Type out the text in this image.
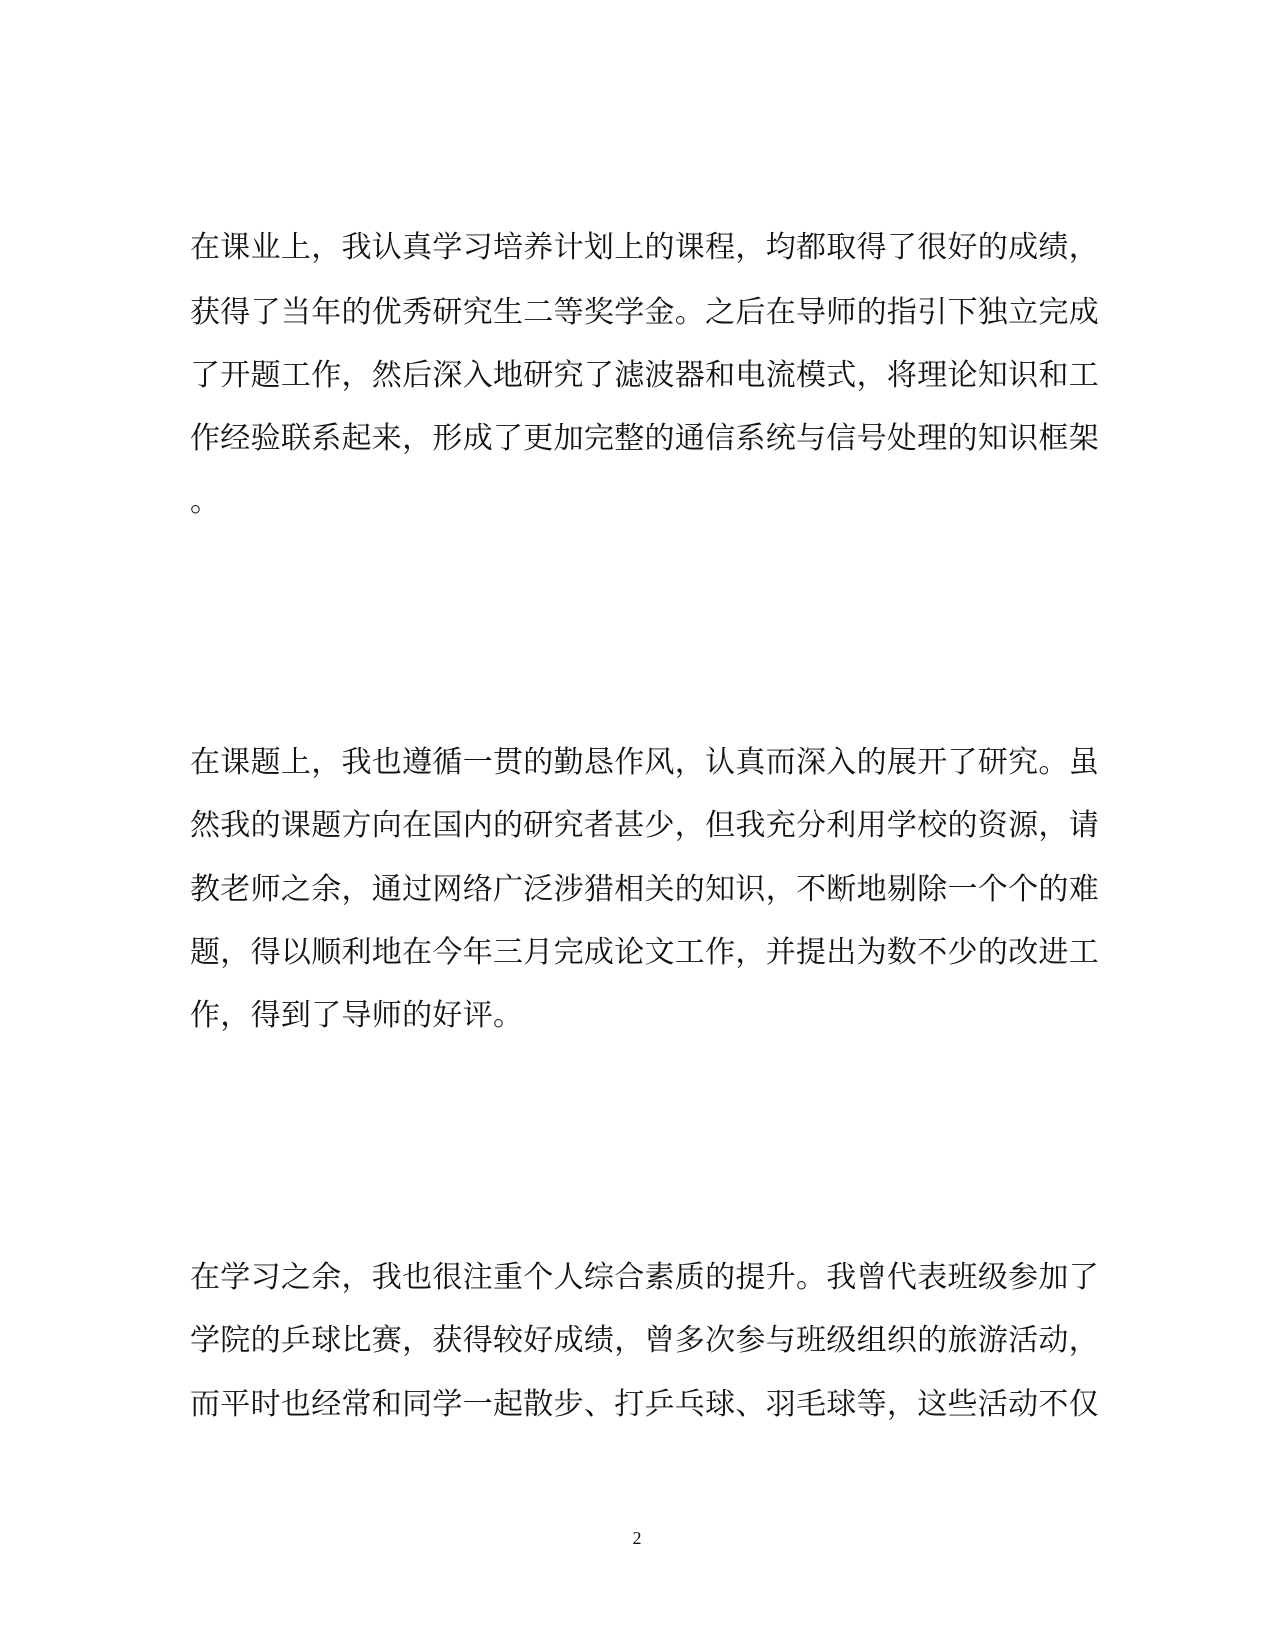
在课业上，我认真学习培养计划上的课程，均都取得了很好的成绩，
获得了当年的优秀研究生二等奖学金。之后在导师的指引下独立完成
了开题工作，然后深入地研究了滤波器和电流模式，将理论知识和工
作经验联系起来，形成了更加完整的通信系统与信号处理的知识框架
。
在课题上，我也遵循一贯的勤恳作风，认真而深入的展开了研究。虽
然我的课题方向在国内的研究者甚少，但我充分利用学校的资源，请
教老师之余，通过网络广泛涉猎相关的知识，不断地剔除一个个的难
题，得以顺利地在今年三月完成论文工作，并提出为数不少的改进工
作，得到了导师的好评。
在学习之余，我也很注重个人综合素质的提升。我曾代表班级参加了
学院的乒球比赛，获得较好成绩，曾多次参与班级组织的旅游活动，
而平时也经常和同学一起散步、打乒乓球、羽毛球等，这些活动不仅
2
